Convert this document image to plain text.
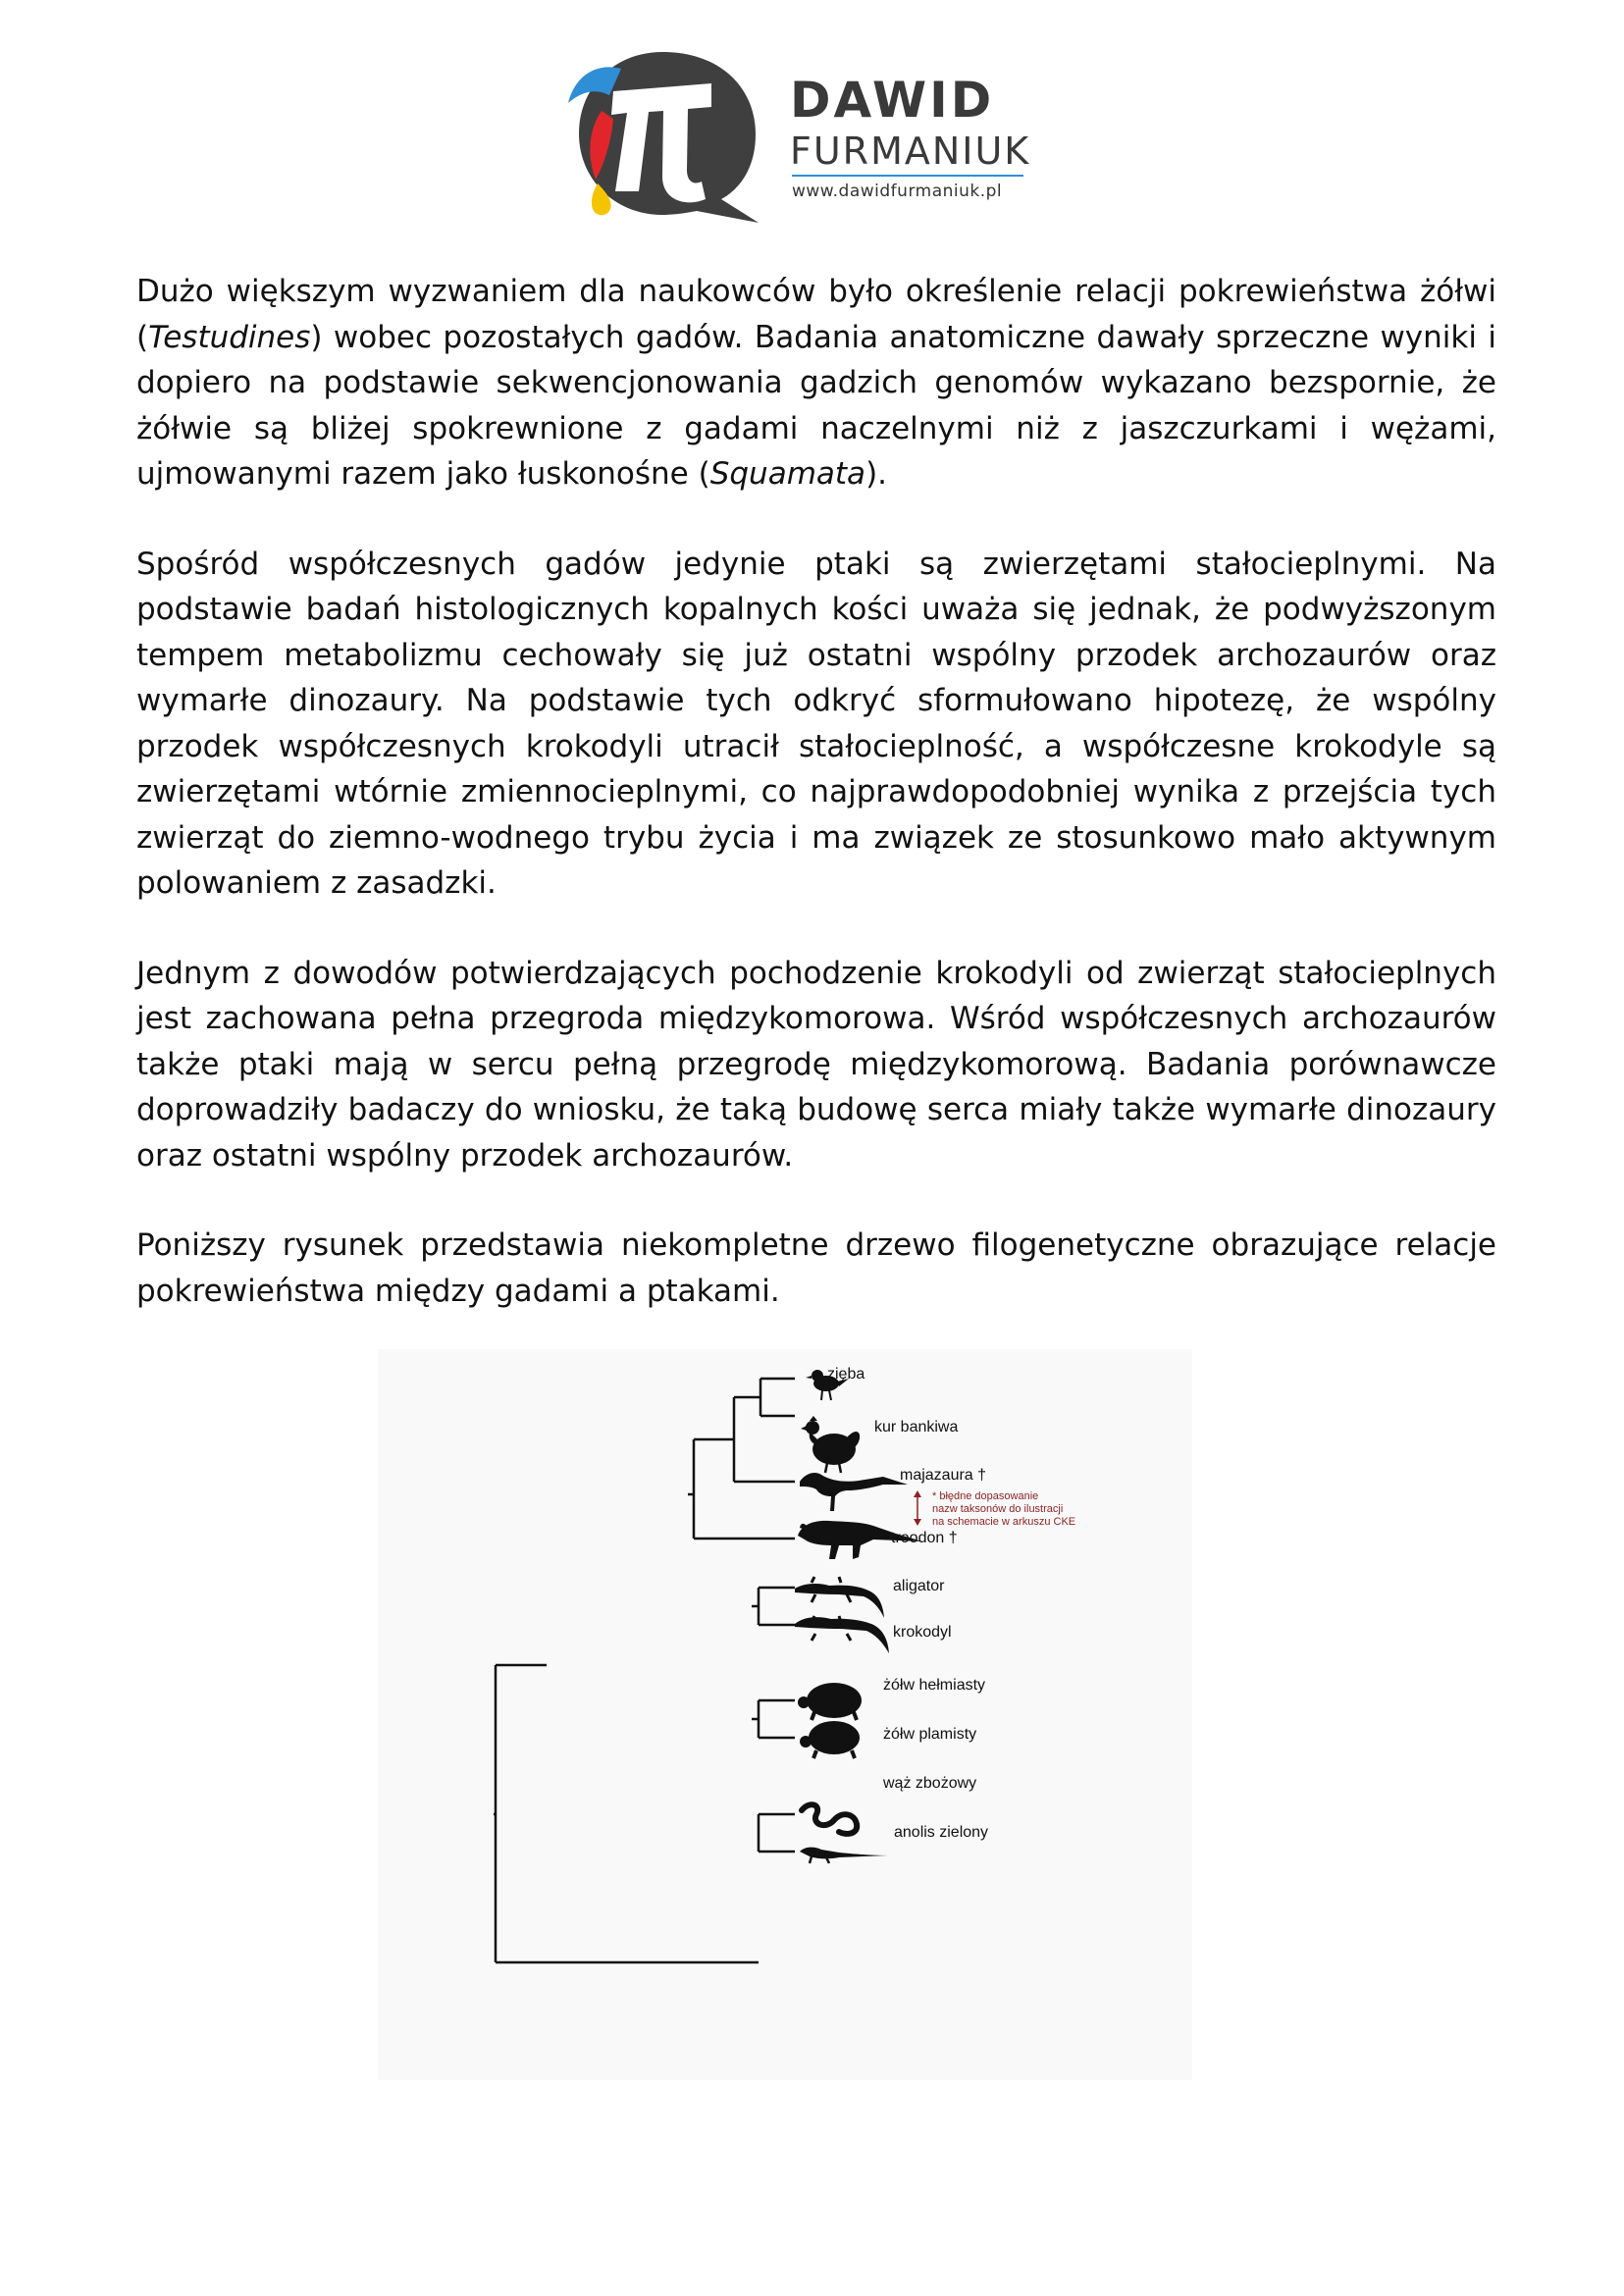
DAWID
FURMANIUK
www.dawidfurmaniuk.pl

Dużo większym wyzwaniem dla naukowców było określenie relacji pokrewieństwa żółwi (Testudines) wobec pozostałych gadów. Badania anatomiczne dawały sprzeczne wyniki i dopiero na podstawie sekwencjonowania gadzich genomów wykazano bezspornie, że żółwie są bliżej spokrewnione z gadami naczelnymi niż z jaszczurkami i wężami, ujmowanymi razem jako łuskonośne (Squamata).

Spośród współczesnych gadów jedynie ptaki są zwierzętami stałocieplnymi. Na podstawie badań histologicznych kopalnych kości uważa się jednak, że podwyższonym tempem metabolizmu cechowały się już ostatni wspólny przodek archozaurów oraz wymarłe dinozaury. Na podstawie tych odkryć sformułowano hipotezę, że wspólny przodek współczesnych krokodyli utracił stałocieplność, a współczesne krokodyle są zwierzętami wtórnie zmiennocieplnymi, co najprawdopodobniej wynika z przejścia tych zwierząt do ziemno-wodnego trybu życia i ma związek ze stosunkowo mało aktywnym polowaniem z zasadzki.

Jednym z dowodów potwierdzających pochodzenie krokodyli od zwierząt stałocieplnych jest zachowana pełna przegroda międzykomorowa. Wśród współczesnych archozaurów także ptaki mają w sercu pełną przegrodę międzykomorową. Badania porównawcze doprowadziły badaczy do wniosku, że taką budowę serca miały także wymarłe dinozaury oraz ostatni wspólny przodek archozaurów.

Poniższy rysunek przedstawia niekompletne drzewo filogenetyczne obrazujące relacje pokrewieństwa między gadami a ptakami.

zięba
kur bankiwa
majazaura †
troodon †
aligator
krokodyl
żółw hełmiasty
żółw plamisty
wąż zbożowy
anolis zielony
* błędne dopasowanie
nazw taksonów do ilustracji
na schemacie w arkuszu CKE
